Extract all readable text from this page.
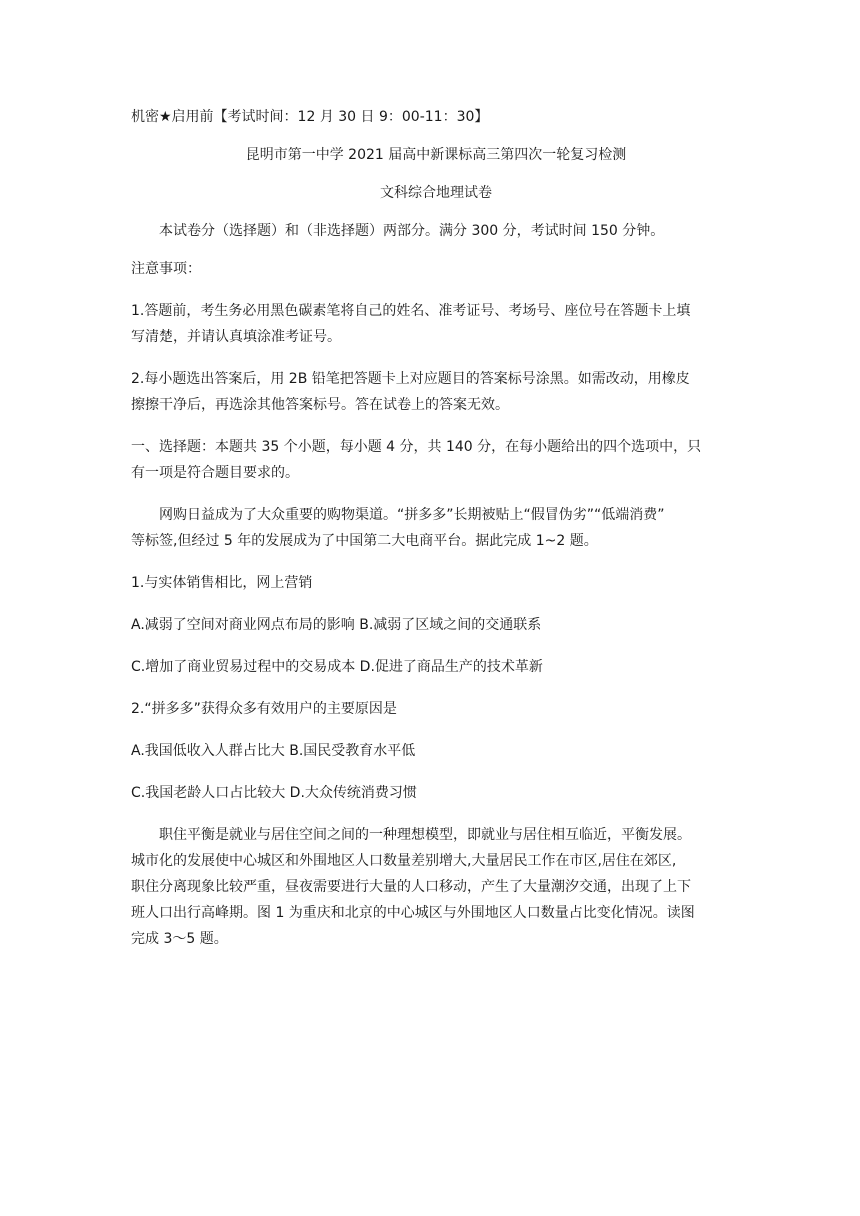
机密★启用前【考试时间：12 月 30 日 9：00-11：30】

昆明市第一中学 2021 届高中新课标高三第四次一轮复习检测

文科综合地理试卷

本试卷分（选择题）和（非选择题）两部分。满分 300 分，考试时间 150 分钟。

注意事项：

1.答题前，考生务必用黑色碳素笔将自己的姓名、准考证号、考场号、座位号在答题卡上填

写清楚，并请认真填涂准考证号。

2.每小题选出答案后，用 2B 铅笔把答题卡上对应题目的答案标号涂黑。如需改动，用橡皮

擦擦干净后，再选涂其他答案标号。答在试卷上的答案无效。

一、选择题：本题共 35 个小题，每小题 4 分，共 140 分，在每小题给出的四个选项中，只

有一项是符合题目要求的。

网购日益成为了大众重要的购物渠道。“拼多多”长期被贴上“假冒伪劣”“低端消费”

等标签,但经过 5 年的发展成为了中国第二大电商平台。据此完成 1~2 题。

1.与实体销售相比，网上营销

A.减弱了空间对商业网点布局的影响 B.减弱了区域之间的交通联系

C.增加了商业贸易过程中的交易成本 D.促进了商品生产的技术革新

2.“拼多多”获得众多有效用户的主要原因是

A.我国低收入人群占比大 B.国民受教育水平低

C.我国老龄人口占比较大 D.大众传统消费习惯

职住平衡是就业与居住空间之间的一种理想模型，即就业与居住相互临近，平衡发展。

城市化的发展使中心城区和外围地区人口数量差别增大,大量居民工作在市区,居住在郊区,

职住分离现象比较严重，昼夜需要进行大量的人口移动，产生了大量潮汐交通，出现了上下

班人口出行高峰期。图 1 为重庆和北京的中心城区与外围地区人口数量占比变化情况。读图

完成 3～5 题。
